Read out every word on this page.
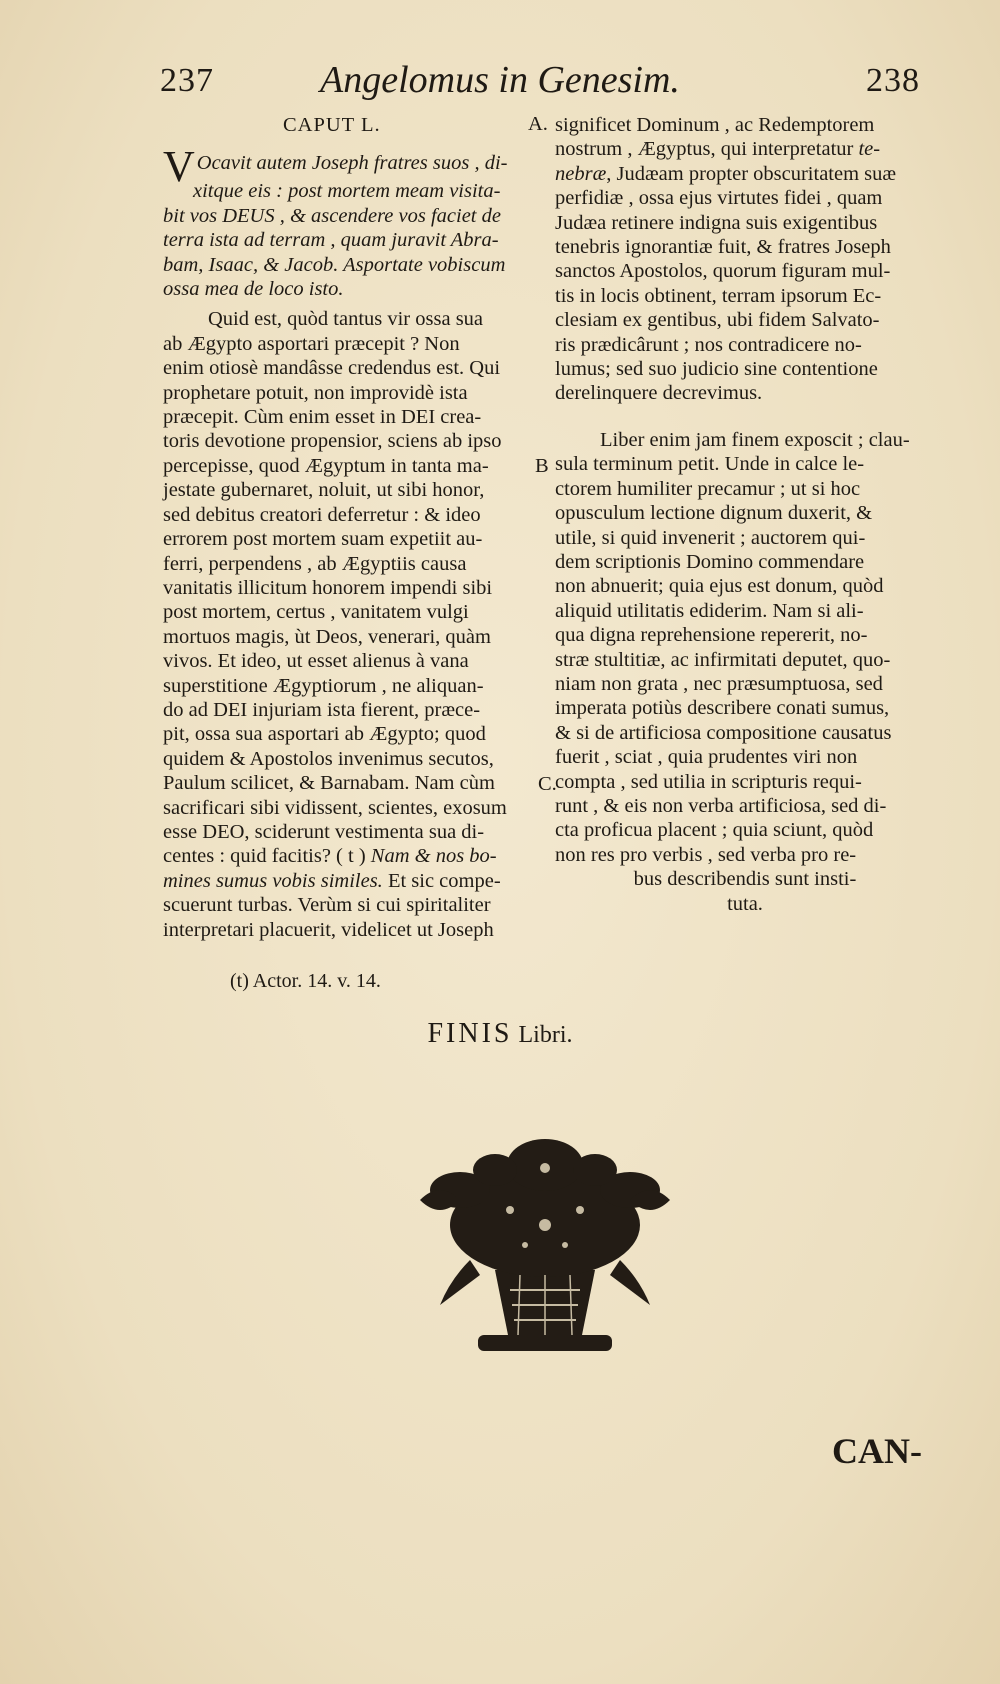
237	Angelomus in Genesim.	238
CAPUT L.
VOcavit autem Joseph fratres suos , di-
xitque eis : post mortem meam visita-
bit vos DEUS , & ascendere vos faciet de
terra ista ad terram , quam juravit Abra-
bam, Isaac, & Jacob. Asportate vobiscum
ossa mea de loco isto.
Quid est, quòd tantus vir ossa sua
ab Ægypto asportari præcepit ? Non
enim otiosè mandâsse credendus est. Qui
prophetare potuit, non improvidè ista
præcepit. Cùm enim esset in DEI crea-
toris devotione propensior, sciens ab ipso
percepisse, quod Ægyptum in tanta ma-
jestate gubernaret, noluit, ut sibi honor,
sed debitus creatori deferretur : & ideo
errorem post mortem suam expetiit au-
ferri, perpendens , ab Ægyptiis causa
vanitatis illicitum honorem impendi sibi
post mortem, certus , vanitatem vulgi
mortuos magis, ùt Deos, venerari, quàm
vivos. Et ideo, ut esset alienus à vana
superstitione Ægyptiorum , ne aliquan-
do ad DEI injuriam ista fierent, præce-
pit, ossa sua asportari ab Ægypto; quod
quidem & Apostolos invenimus secutos,
Paulum scilicet, & Barnabam. Nam cùm
sacrificari sibi vidissent, scientes, exosum
esse DEO, sciderunt vestimenta sua di-
centes : quid facitis? ( t ) Nam & nos bo-
mines sumus vobis similes. Et sic compe-
scuerunt turbas. Verùm si cui spiritaliter
interpretari placuerit, videlicet ut Joseph
A.
B
C.
significet Dominum , ac Redemptorem
nostrum , Ægyptus, qui interpretatur te-
nebræ, Judæam propter obscuritatem suæ
perfidiæ , ossa ejus virtutes fidei , quam
Judæa retinere indigna suis exigentibus
tenebris ignorantiæ fuit, & fratres Joseph
sanctos Apostolos, quorum figuram mul-
tis in locis obtinent, terram ipsorum Ec-
clesiam ex gentibus, ubi fidem Salvato-
ris prædicârunt ; nos contradicere no-
lumus; sed suo judicio sine contentione
derelinquere decrevimus.
Liber enim jam finem exposcit ; clau-
sula terminum petit. Unde in calce le-
ctorem humiliter precamur ; ut si hoc
opusculum lectione dignum duxerit, &
utile, si quid invenerit ; auctorem qui-
dem scriptionis Domino commendare
non abnuerit; quia ejus est donum, quòd
aliquid utilitatis ediderim. Nam si ali-
qua digna reprehensione repererit, no-
stræ stultitiæ, ac infirmitati deputet, quo-
niam non grata , nec præsumptuosa, sed
imperata potiùs describere conati sumus,
& si de artificiosa compositione causatus
fuerit , sciat , quia prudentes viri non
compta , sed utilia in scripturis requi-
runt , & eis non verba artificiosa, sed di-
cta proficua placent ; quia sciunt, quòd
non res pro verbis , sed verba pro re-
bus describendis sunt insti-
tuta.
(t) Actor. 14. v. 14.
FINIS Libri.
CAN-
